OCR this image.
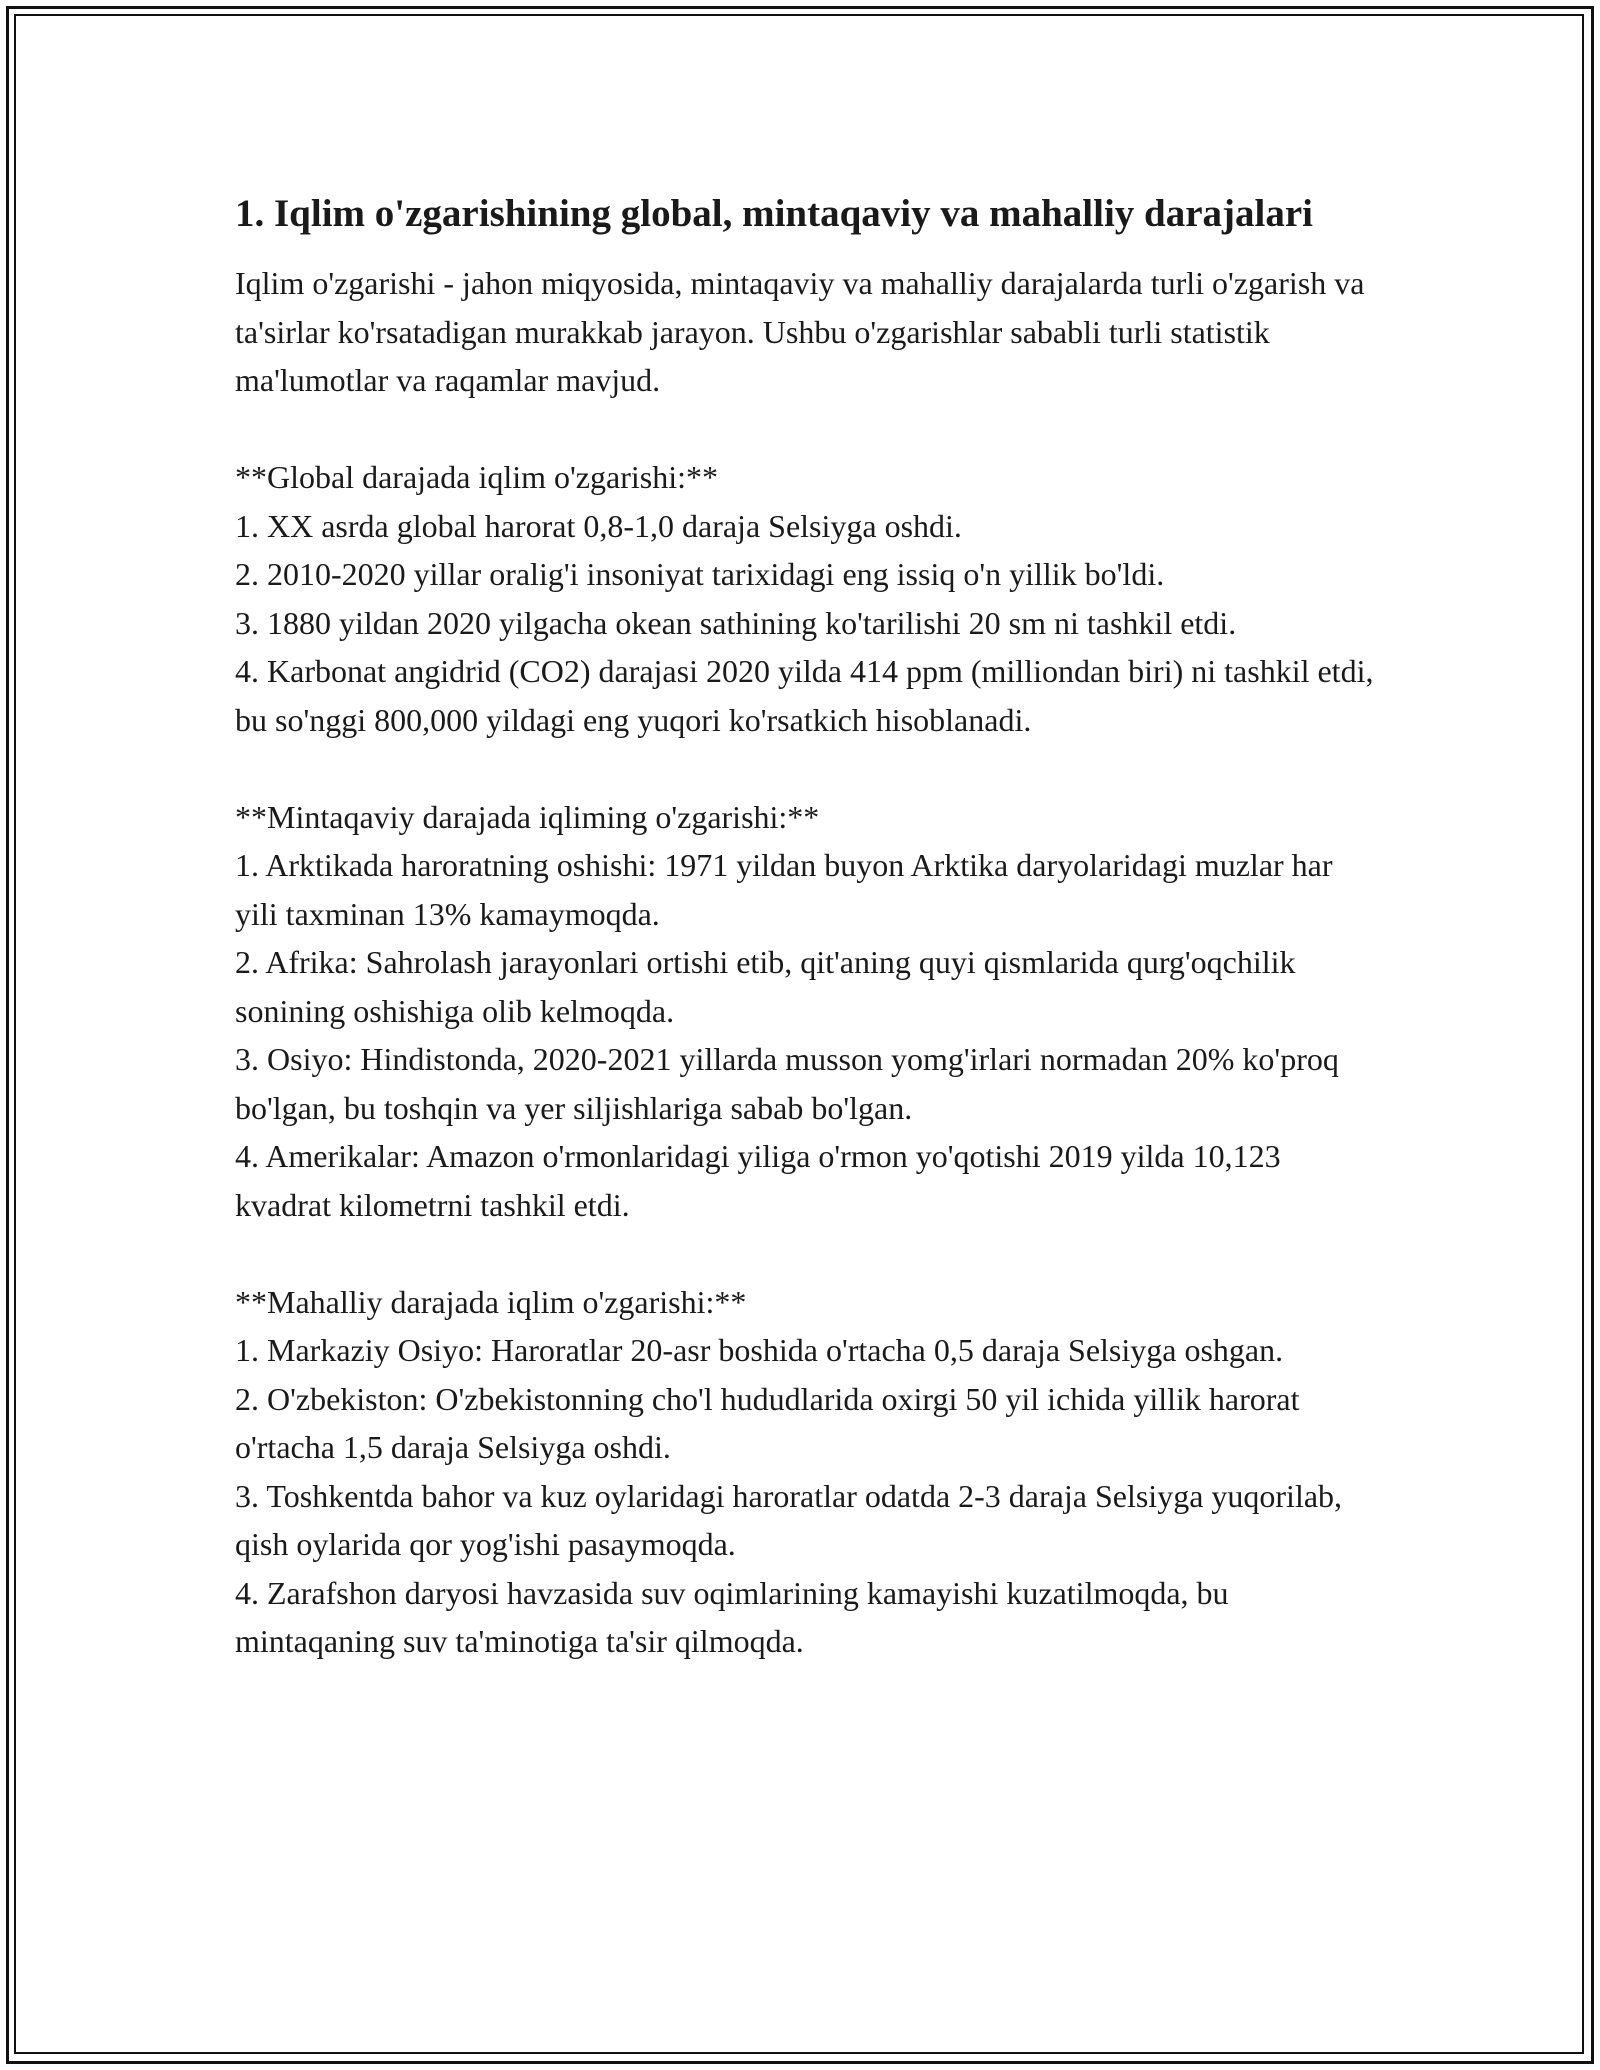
1. Iqlim o'zgarishining global, mintaqaviy va mahalliy darajalari

Iqlim o'zgarishi - jahon miqyosida, mintaqaviy va mahalliy darajalarda turli o'zgarish va ta'sirlar ko'rsatadigan murakkab jarayon. Ushbu o'zgarishlar sababli turli statistik ma'lumotlar va raqamlar mavjud.

**Global darajada iqlim o'zgarishi:**

1. XX asrda global harorat 0,8-1,0 daraja Selsiyga oshdi.

2. 2010-2020 yillar oralig'i insoniyat tarixidagi eng issiq o'n yillik bo'ldi.

3. 1880 yildan 2020 yilgacha okean sathining ko'tarilishi 20 sm ni tashkil etdi.

4. Karbonat angidrid (CO2) darajasi 2020 yilda 414 ppm (milliondan biri) ni tashkil etdi, bu so'nggi 800,000 yildagi eng yuqori ko'rsatkich hisoblanadi.

**Mintaqaviy darajada iqliming o'zgarishi:**

1. Arktikada haroratning oshishi: 1971 yildan buyon Arktika daryolaridagi muzlar har yili taxminan 13% kamaymoqda.

2. Afrika: Sahrolash jarayonlari ortishi etib, qit'aning quyi qismlarida qurg'oqchilik sonining oshishiga olib kelmoqda.

3. Osiyo: Hindistonda, 2020-2021 yillarda musson yomg'irlari normadan 20% ko'proq bo'lgan, bu toshqin va yer siljishlariga sabab bo'lgan.

4. Amerikalar: Amazon o'rmonlaridagi yiliga o'rmon yo'qotishi 2019 yilda 10,123 kvadrat kilometrni tashkil etdi.

**Mahalliy darajada iqlim o'zgarishi:**

1. Markaziy Osiyo: Haroratlar 20-asr boshida o'rtacha 0,5 daraja Selsiyga oshgan.

2. O'zbekiston: O'zbekistonning cho'l hududlarida oxirgi 50 yil ichida yillik harorat o'rtacha 1,5 daraja Selsiyga oshdi.

3. Toshkentda bahor va kuz oylaridagi haroratlar odatda 2-3 daraja Selsiyga yuqorilab, qish oylarida qor yog'ishi pasaymoqda.

4. Zarafshon daryosi havzasida suv oqimlarining kamayishi kuzatilmoqda, bu mintaqaning suv ta'minotiga ta'sir qilmoqda.
